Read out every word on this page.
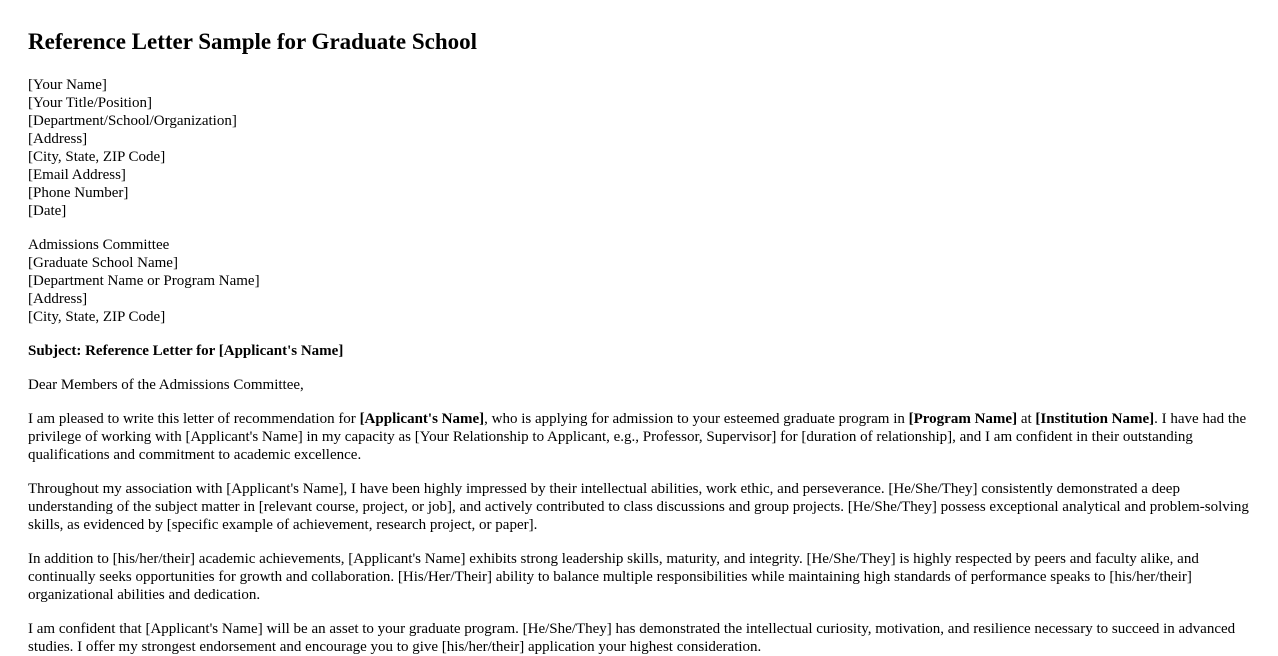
Reference Letter Sample for Graduate School
[Your Name]
[Your Title/Position]
[Department/School/Organization]
[Address]
[City, State, ZIP Code]
[Email Address]
[Phone Number]
[Date]
Admissions Committee
[Graduate School Name]
[Department Name or Program Name]
[Address]
[City, State, ZIP Code]

Subject: Reference Letter for [Applicant's Name]

Dear Members of the Admissions Committee,

I am pleased to write this letter of recommendation for [Applicant's Name], who is applying for admission to your esteemed graduate program in [Program Name] at [Institution Name]. I have had the privilege of working with [Applicant's Name] in my capacity as [Your Relationship to Applicant, e.g., Professor, Supervisor] for [duration of relationship], and I am confident in their outstanding qualifications and commitment to academic excellence.

Throughout my association with [Applicant's Name], I have been highly impressed by their intellectual abilities, work ethic, and perseverance. [He/She/They] consistently demonstrated a deep understanding of the subject matter in [relevant course, project, or job], and actively contributed to class discussions and group projects. [He/She/They] possess exceptional analytical and problem-solving skills, as evidenced by [specific example of achievement, research project, or paper].

In addition to [his/her/their] academic achievements, [Applicant's Name] exhibits strong leadership skills, maturity, and integrity. [He/She/They] is highly respected by peers and faculty alike, and continually seeks opportunities for growth and collaboration. [His/Her/Their] ability to balance multiple responsibilities while maintaining high standards of performance speaks to [his/her/their] organizational abilities and dedication.

I am confident that [Applicant's Name] will be an asset to your graduate program. [He/She/They] has demonstrated the intellectual curiosity, motivation, and resilience necessary to succeed in advanced studies. I offer my strongest endorsement and encourage you to give [his/her/their] application your highest consideration.
